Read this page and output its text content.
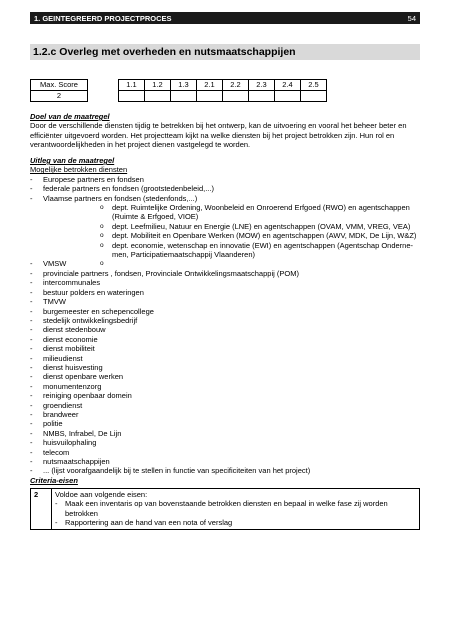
1. GEINTEGREERD PROJECTPROCES	54
1.2.c Overleg met overheden en nutsmaatschappijen
Max. Score		1.1	1.2	1.3	2.1	2.2	2.3	2.4	2.5
2									
Doel van de maatregel
Door de verschillende diensten tijdig te betrekken bij het ontwerp, kan de uitvoering en vooral het beheer beter en efficiënter uitgevoerd worden. Het projectteam kijkt na welke diensten bij het project betrokken zijn. Hun rol en verantwoordelijkheden in het project dienen vastgelegd te worden.
Uitleg van de maatregel
Mogelijke betrokken diensten
- Europese partners en fondsen
- federale partners en fondsen (grootstedenbeleid,...)
- Vlaamse partners en fondsen (stedenfonds,...)
o dept. Ruimtelijke Ordening, Woonbeleid en Onroerend Erfgoed (RWO) en agentschappen (Ruimte & Erfgoed, VIOE)
o dept. Leefmilieu, Natuur en Energie (LNE) en agentschappen (OVAM, VMM, VREG, VEA)
o dept. Mobiliteit en Openbare Werken (MOW) en agentschappen (AWV, MDK, De Lijn, W&Z)
o dept. economie, wetenschap en innovatie (EWI) en agentschappen (Agentschap Onderne-men, Participatiemaatschappij Vlaanderen)
- VMSW
- provinciale partners , fondsen, Provinciale Ontwikkelingsmaatschappij (POM)
- intercommunales
- bestuur polders en wateringen
- TMVW
- burgemeester en schepencollege
- stedelijk ontwikkelingsbedrijf
- dienst stedenbouw
- dienst economie
- dienst mobiliteit
- milieudienst
- dienst huisvesting
- dienst openbare werken
- monumentenzorg
- reiniging openbaar domein
- groendienst
- brandweer
- politie
- NMBS, Infrabel, De Lijn
- huisvuilophaling
- telecom
- nutsmaatschappijen
- ... (lijst voorafgaandelijk bij te stellen in functie van specificiteiten van het project)
Criteria-eisen
2	Voldoe aan volgende eisen:
- Maak een inventaris op van bovenstaande betrokken diensten en bepaal in welke fase zij worden betrokken
- Rapportering aan de hand van een nota of verslag
